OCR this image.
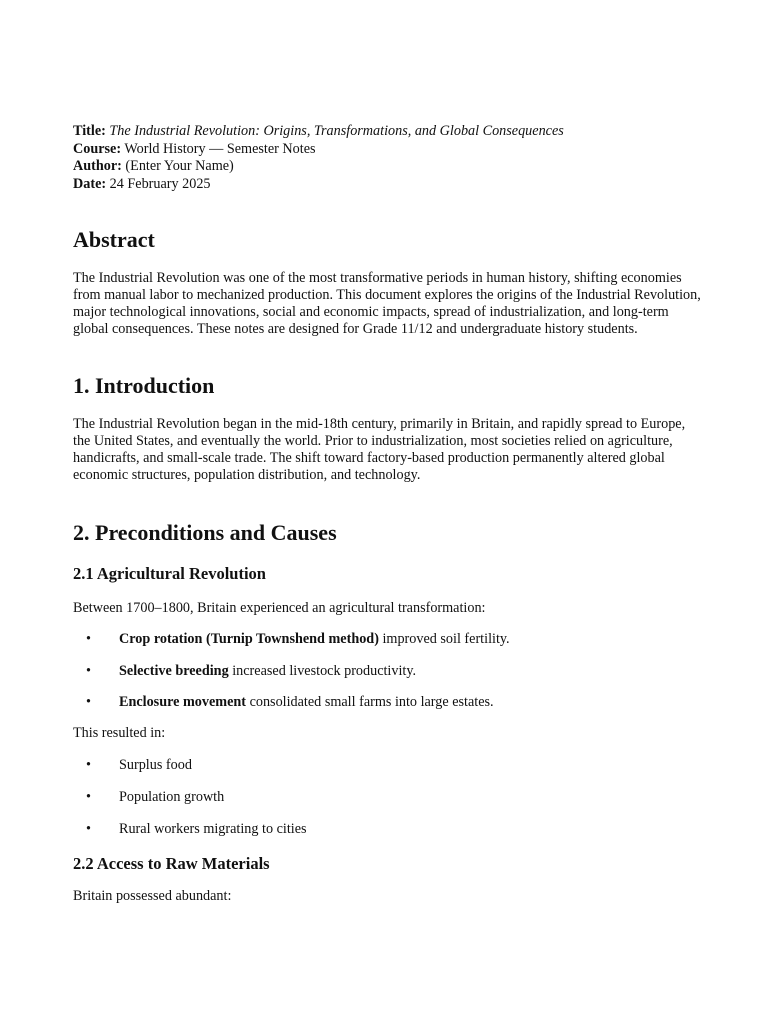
Title: The Industrial Revolution: Origins, Transformations, and Global Consequences

Course: World History — Semester Notes

Author: (Enter Your Name)

Date: 24 February 2025

Abstract

The Industrial Revolution was one of the most transformative periods in human history, shifting economies from manual labor to mechanized production. This document explores the origins of the Industrial Revolution, major technological innovations, social and economic impacts, spread of industrialization, and long-term global consequences. These notes are designed for Grade 11/12 and undergraduate history students.

1. Introduction

The Industrial Revolution began in the mid-18th century, primarily in Britain, and rapidly spread to Europe, the United States, and eventually the world. Prior to industrialization, most societies relied on agriculture, handicrafts, and small-scale trade. The shift toward factory-based production permanently altered global economic structures, population distribution, and technology.

2. Preconditions and Causes
2.1 Agricultural Revolution

Between 1700–1800, Britain experienced an agricultural transformation:

• Crop rotation (Turnip Townshend method) improved soil fertility.
• Selective breeding increased livestock productivity.
• Enclosure movement consolidated small farms into large estates.

This resulted in:

• Surplus food
• Population growth
• Rural workers migrating to cities
2.2 Access to Raw Materials

Britain possessed abundant:
